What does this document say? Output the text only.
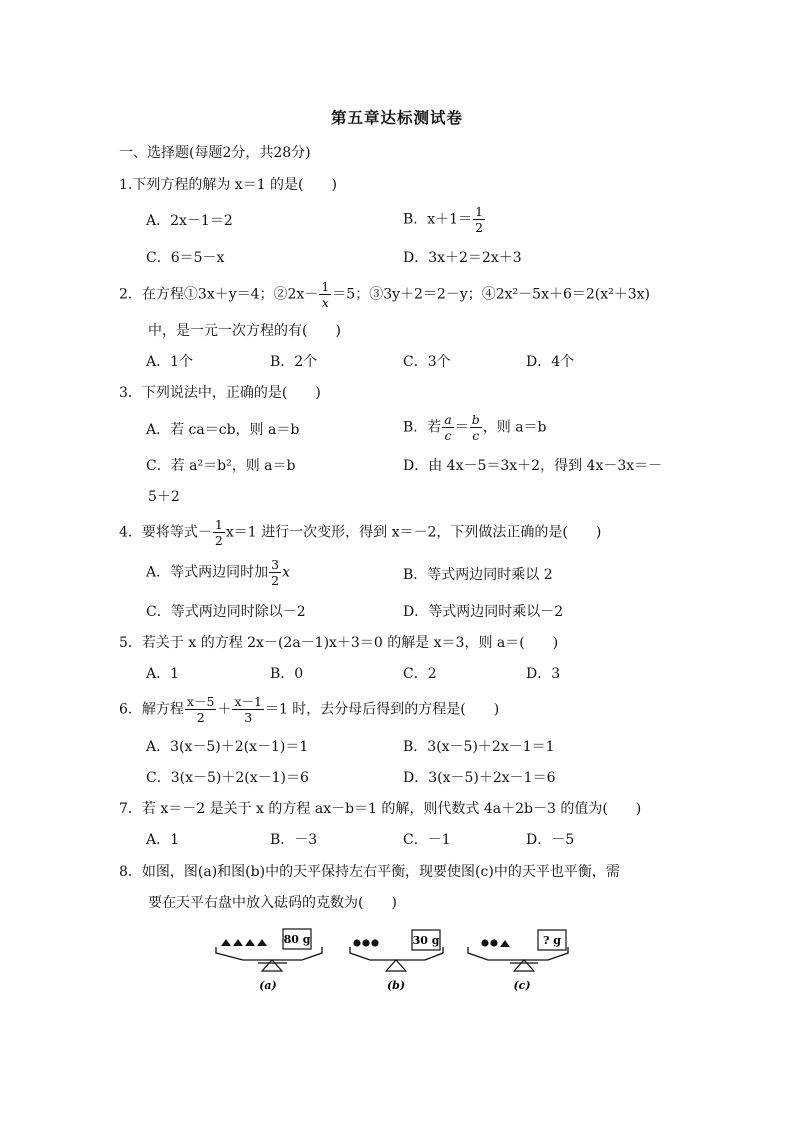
第五章达标测试卷
一、选择题(每题2分，共28分)
1.下列方程的解为 x＝1 的是(　　)
A．2x－1＝2	B．$x+1= \frac{1}{2}$
C．6＝5－x	D．3x＋2＝2x＋3
2．在方程①3x＋y＝4；②2x－ $\frac{1}{x} =5$；③3y＋2＝2－y；④2x²－5x＋6＝2(x²＋3x)
中，是一元一次方程的有(　　)
A．1个	B．2个	C．3个	D．4个
3．下列说法中，正确的是(　　)
A．若 ca＝cb，则 a＝b	B．若 $\frac{a}{c} = \frac{b}{c}$ ，则 a＝b
C．若 a²＝b²，则 a＝b	D．由 4x－5＝3x＋2，得到 4x－3x＝－
5＋2
4．要将等式－ $\frac{1}{2} x=1$ 进行一次变形，得到 x＝－2，下列做法正确的是(　　)
A．等式两边同时加 $\frac{3}{2}$ x	B．等式两边同时乘以 2
C．等式两边同时除以－2	D．等式两边同时乘以－2
5．若关于 x 的方程 2x－(2a－1)x＋3＝0 的解是 x＝3，则 a＝(　　)
A．1	B．0	C．2	D．3
6．解方程 $\frac{x-5}{2} + \frac{x-1}{3} =1$ 时，去分母后得到的方程是(　　)
A．3(x－5)＋2(x－1)＝1	B．3(x－5)＋2x－1＝1
C．3(x－5)＋2(x－1)＝6	D．3(x－5)＋2x－1＝6
7．若 x＝－2 是关于 x 的方程 ax－b＝1 的解，则代数式 4a＋2b－3 的值为(　　)
A．1	B．－3	C．－1	D．－5
8．如图，图(a)和图(b)中的天平保持左右平衡，现要使图(c)中的天平也平衡，需
要在天平右盘中放入砝码的克数为(　　)
80 g
(a)
30 g
(b)
? g
(c)
